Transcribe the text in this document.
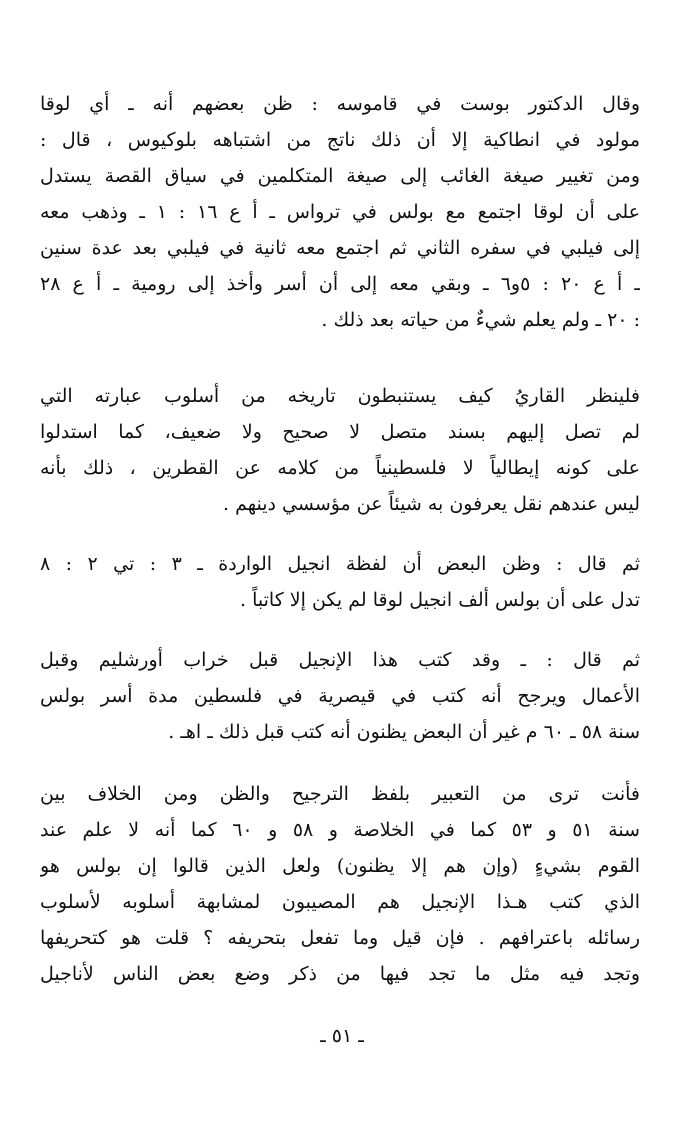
وقال الدكتور بوست في قاموسه : ظن بعضهم أنه ـ أي لوقا
مولود في انطاكية إلا أن ذلك ناتج من اشتباهه بلوكيوس ، قال :
ومن تغيير صيغة الغائب إلى صيغة المتكلمين في سياق القصة يستدل
على أن لوقا اجتمع مع بولس في ترواس ـ أ ع ١٦ : ١ ـ وذهب معه
إلى فيلبي في سفره الثاني ثم اجتمع معه ثانية في فيلبي بعد عدة سنين
ـ أ ع ٢٠ : ٥و٦ ـ وبقي معه إلى أن أسر وأخذ إلى رومية ـ أ ع ٢٨
: ٢٠ ـ ولم يعلم شيءٌ من حياته بعد ذلك .
فلينظر القاريُ كيف يستنبطون تاريخه من أسلوب عبارته التي
لم تصل إليهم بسند متصل لا صحيح ولا ضعيف، كما استدلوا
على كونه إيطالياً لا فلسطينياً من كلامه عن القطرين ، ذلك بأنه
ليس عندهم نقل يعرفون به شيئاً عن مؤسسي دينهم .
ثم قال : وظن البعض أن لفظة انجيل الواردة ـ ٣ : تي ٢ : ٨
تدل على أن بولس ألف انجيل لوقا لم يكن إلا كاتباً .
ثم قال : ـ وقد كتب هذا الإنجيل قبل خراب أورشليم وقبل
الأعمال ويرجح أنه كتب في قيصرية في فلسطين مدة أسر بولس
سنة ٥٨ ـ ٦٠ م غير أن البعض يظنون أنه كتب قبل ذلك ـ اهـ .
فأنت ترى من التعبير بلفظ الترجيح والظن ومن الخلاف بين
سنة ٥١ و ٥٣ كما في الخلاصة و ٥٨ و ٦٠ كما أنه لا علم عند
القوم بشيءٍ (وإن هم إلا يظنون) ولعل الذين قالوا إن بولس هو
الذي كتب هـذا الإنجيل هم المصيبون لمشابهة أسلوبه لأسلوب
رسائله باعترافهم . فإن قيل وما تفعل بتحريفه ؟ قلت هو كتحريفها
وتجد فيه مثل ما تجد فيها من ذكر وضع بعض الناس لأناجيل
ـ ٥١ ـ
